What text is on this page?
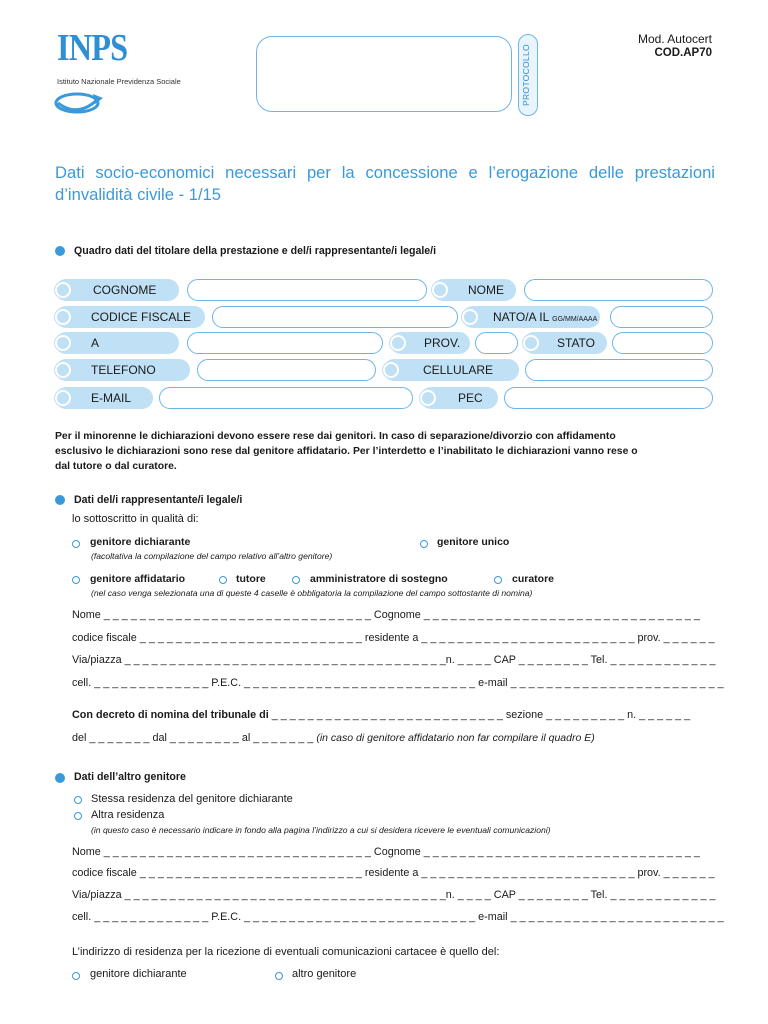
INPS
Istituto Nazionale Previdenza Sociale	PROTOCOLLO
Mod. Autocert
COD.AP70
Dati socio-economici necessari per la concessione e l’erogazione delle prestazioni d’invalidità civile - 1/15
Quadro dati del titolare della prestazione e del/i rappresentante/i legale/i
COGNOME	NOME
CODICE FISCALE	NATO/A IL GG/MM/AAAA
A	PROV.	STATO
TELEFONO	CELLULARE
E-MAIL	PEC
Per il minorenne le dichiarazioni devono essere rese dai genitori. In caso di separazione/divorzio con affidamento
esclusivo le dichiarazioni sono rese dal genitore affidatario. Per l’interdetto e l’inabilitato le dichiarazioni vanno rese o
dal tutore o dal curatore.
Dati del/i rappresentante/i legale/i
lo sottoscritto in qualità di:
genitore dichiarante	genitore unico
(facoltativa la compilazione del campo relativo all’altro genitore)
genitore affidatario	tutore	amministratore di sostegno	curatore
(nel caso venga selezionata una di queste 4 caselle è obbligatoria la compilazione del campo sottostante di nomina)
Nome _ _ _ _ _ _ _ _ _ _ _ _ _ _ _ _ _ _ _ _ _ _ _ _ _ _ _ _ _ _ Cognome _ _ _ _ _ _ _ _ _ _ _ _ _ _ _ _ _ _ _ _ _ _ _ _ _ _ _ _ _ _ _
codice fiscale _ _ _ _ _ _ _ _ _ _ _ _ _ _ _ _ _ _ _ _ _ _ _ _ _ residente a _ _ _ _ _ _ _ _ _ _ _ _ _ _ _ _ _ _ _ _ _ _ _ _ prov. _ _ _ _ _ _
Via/piazza _ _ _ _ _ _ _ _ _ _ _ _ _ _ _ _ _ _ _ _ _ _ _ _ _ _ _ _ _ _ _ _ _ _ _ _n. _ _ _ _ CAP _ _ _ _ _ _ _ _ Tel. _ _ _ _ _ _ _ _ _ _ _ _
cell. _ _ _ _ _ _ _ _ _ _ _ _ _ P.E.C. _ _ _ _ _ _ _ _ _ _ _ _ _ _ _ _ _ _ _ _ _ _ _ _ _ _ e-mail _ _ _ _ _ _ _ _ _ _ _ _ _ _ _ _ _ _ _ _ _ _ _ _
Con decreto di nomina del tribunale di _ _ _ _ _ _ _ _ _ _ _ _ _ _ _ _ _ _ _ _ _ _ _ _ _ _ sezione _ _ _ _ _ _ _ _ _ n. _ _ _ _ _ _
del _ _ _ _ _ _ _ dal _ _ _ _ _ _ _ _ al _ _ _ _ _ _ _ (in caso di genitore affidatario non far compilare il quadro E)
Dati dell’altro genitore
Stessa residenza del genitore dichiarante
Altra residenza
(in questo caso è necessario indicare in fondo alla pagina l’indirizzo a cui si desidera ricevere le eventuali comunicazioni)
Nome _ _ _ _ _ _ _ _ _ _ _ _ _ _ _ _ _ _ _ _ _ _ _ _ _ _ _ _ _ _ Cognome _ _ _ _ _ _ _ _ _ _ _ _ _ _ _ _ _ _ _ _ _ _ _ _ _ _ _ _ _ _ _
codice fiscale _ _ _ _ _ _ _ _ _ _ _ _ _ _ _ _ _ _ _ _ _ _ _ _ _ residente a _ _ _ _ _ _ _ _ _ _ _ _ _ _ _ _ _ _ _ _ _ _ _ _ prov. _ _ _ _ _ _
Via/piazza _ _ _ _ _ _ _ _ _ _ _ _ _ _ _ _ _ _ _ _ _ _ _ _ _ _ _ _ _ _ _ _ _ _ _ _n. _ _ _ _ CAP _ _ _ _ _ _ _ _ Tel. _ _ _ _ _ _ _ _ _ _ _ _
cell. _ _ _ _ _ _ _ _ _ _ _ _ _ P.E.C. _ _ _ _ _ _ _ _ _ _ _ _ _ _ _ _ _ _ _ _ _ _ _ _ _ _ e-mail _ _ _ _ _ _ _ _ _ _ _ _ _ _ _ _ _ _ _ _ _ _ _ _
L’indirizzo di residenza per la ricezione di eventuali comunicazioni cartacee è quello del:
genitore dichiarante	altro genitore
